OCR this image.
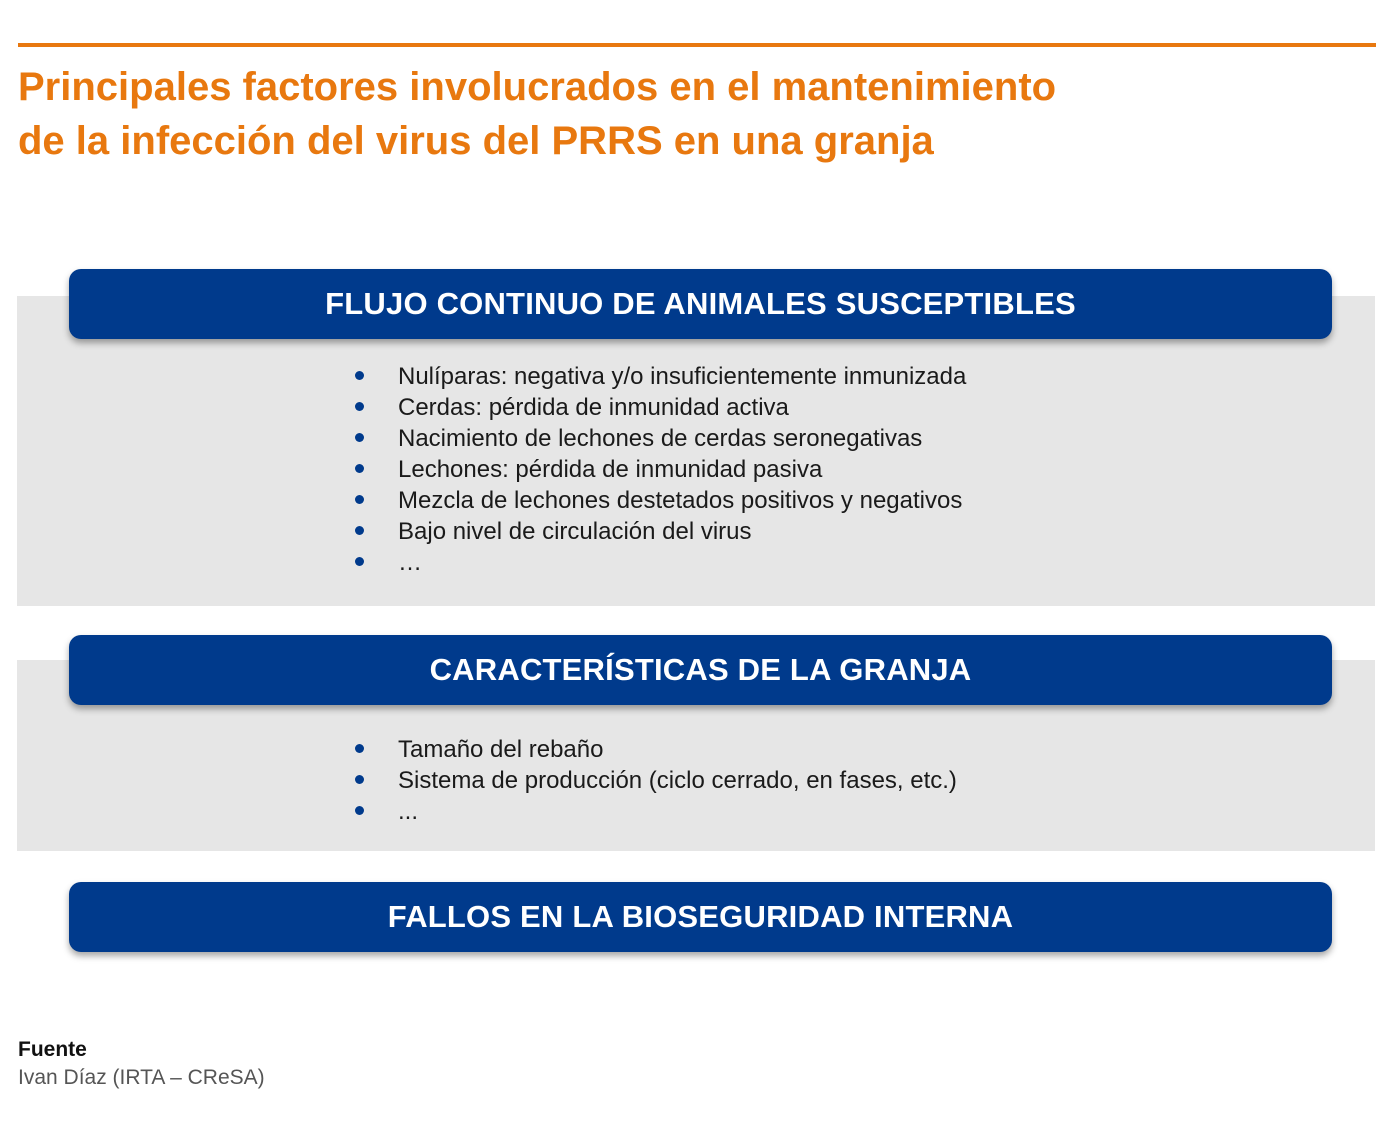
Principales factores involucrados en el mantenimiento
de la infección del virus del PRRS en una granja
FLUJO CONTINUO DE ANIMALES SUSCEPTIBLES
Nulíparas: negativa y/o insuficientemente inmunizada
Cerdas: pérdida de inmunidad activa
Nacimiento de lechones de cerdas seronegativas
Lechones: pérdida de inmunidad pasiva
Mezcla de lechones destetados positivos y negativos
Bajo nivel de circulación del virus
…
CARACTERÍSTICAS DE LA GRANJA
Tamaño del rebaño
Sistema de producción (ciclo cerrado, en fases, etc.)
...
FALLOS EN LA BIOSEGURIDAD INTERNA
Fuente
Ivan Díaz (IRTA – CReSA)
